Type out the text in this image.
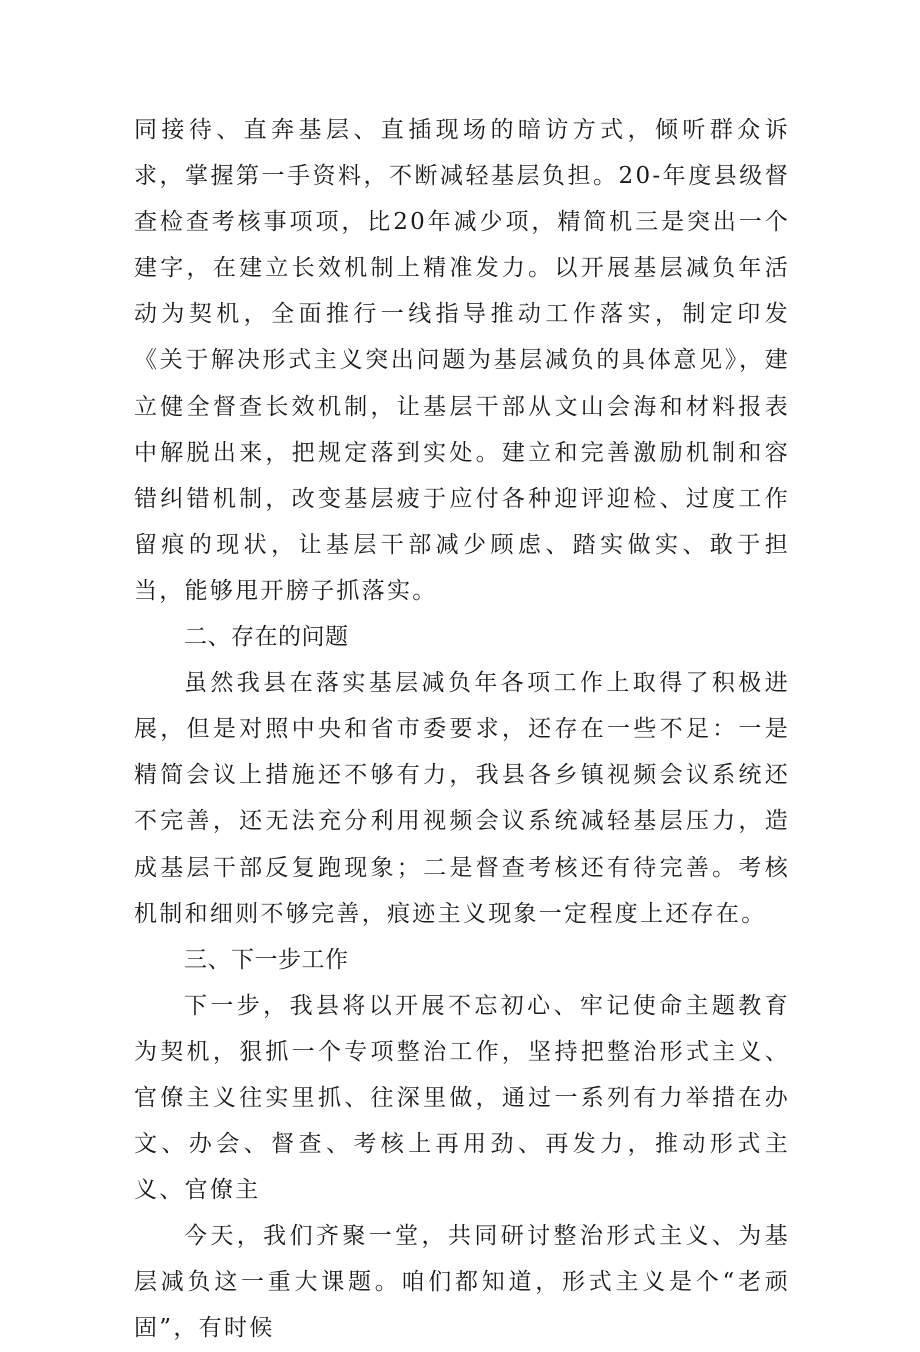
同接待、直奔基层、直插现场的暗访方式，倾听群众诉求，掌握第一手资料，不断减轻基层负担。20-年度县级督查检查考核事项项，比20年减少项，精简机三是突出一个建字，在建立长效机制上精准发力。以开展基层减负年活动为契机，全面推行一线指导推动工作落实，制定印发《关于解决形式主义突出问题为基层减负的具体意见》，建立健全督查长效机制，让基层干部从文山会海和材料报表中解脱出来，把规定落到实处。建立和完善激励机制和容错纠错机制，改变基层疲于应付各种迎评迎检、过度工作留痕的现状，让基层干部减少顾虑、踏实做实、敢于担当，能够甩开膀子抓落实。

二、存在的问题

虽然我县在落实基层减负年各项工作上取得了积极进展，但是对照中央和省市委要求，还存在一些不足：一是精简会议上措施还不够有力，我县各乡镇视频会议系统还不完善，还无法充分利用视频会议系统减轻基层压力，造成基层干部反复跑现象；二是督查考核还有待完善。考核机制和细则不够完善，痕迹主义现象一定程度上还存在。

三、下一步工作

下一步，我县将以开展不忘初心、牢记使命主题教育为契机，狠抓一个专项整治工作，坚持把整治形式主义、官僚主义往实里抓、往深里做，通过一系列有力举措在办文、办会、督查、考核上再用劲、再发力，推动形式主义、官僚主

今天，我们齐聚一堂，共同研讨整治形式主义、为基层减负这一重大课题。咱们都知道，形式主义是个“老顽固”，有时候
